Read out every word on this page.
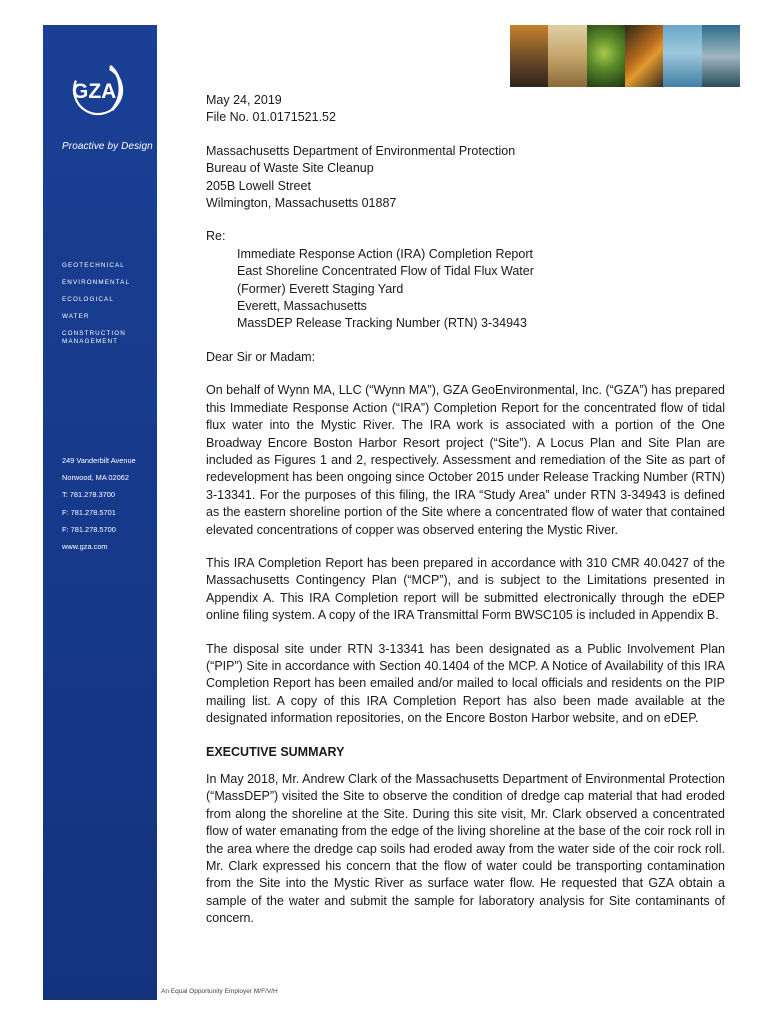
GZA
Proactive by Design
GEOTECHNICAL
ENVIRONMENTAL
ECOLOGICAL
WATER
CONSTRUCTION MANAGEMENT
249 Vanderbilt Avenue
Norwood, MA 02062
T: 781.278.3700
F: 781.278.5701
F: 781.278.5700
www.gza.com
May 24, 2019
File No. 01.0171521.52
Massachusetts Department of Environmental Protection
Bureau of Waste Site Cleanup
205B Lowell Street
Wilmington, Massachusetts 01887
Re:
Immediate Response Action (IRA) Completion Report
East Shoreline Concentrated Flow of Tidal Flux Water
(Former) Everett Staging Yard
Everett, Massachusetts
MassDEP Release Tracking Number (RTN) 3-34943
Dear Sir or Madam:
On behalf of Wynn MA, LLC (“Wynn MA”), GZA GeoEnvironmental, Inc. (“GZA”) has prepared this Immediate Response Action (“IRA”) Completion Report for the concentrated flow of tidal flux water into the Mystic River. The IRA work is associated with a portion of the One Broadway Encore Boston Harbor Resort project (“Site”). A Locus Plan and Site Plan are included as Figures 1 and 2, respectively. Assessment and remediation of the Site as part of redevelopment has been ongoing since October 2015 under Release Tracking Number (RTN) 3-13341. For the purposes of this filing, the IRA “Study Area” under RTN 3-34943 is defined as the eastern shoreline portion of the Site where a concentrated flow of water that contained elevated concentrations of copper was observed entering the Mystic River.
This IRA Completion Report has been prepared in accordance with 310 CMR 40.0427 of the Massachusetts Contingency Plan (“MCP”), and is subject to the Limitations presented in Appendix A. This IRA Completion report will be submitted electronically through the eDEP online filing system. A copy of the IRA Transmittal Form BWSC105 is included in Appendix B.
The disposal site under RTN 3-13341 has been designated as a Public Involvement Plan (“PIP”) Site in accordance with Section 40.1404 of the MCP. A Notice of Availability of this IRA Completion Report has been emailed and/or mailed to local officials and residents on the PIP mailing list. A copy of this IRA Completion Report has also been made available at the designated information repositories, on the Encore Boston Harbor website, and on eDEP.
EXECUTIVE SUMMARY
In May 2018, Mr. Andrew Clark of the Massachusetts Department of Environmental Protection (“MassDEP”) visited the Site to observe the condition of dredge cap material that had eroded from along the shoreline at the Site. During this site visit, Mr. Clark observed a concentrated flow of water emanating from the edge of the living shoreline at the base of the coir rock roll in the area where the dredge cap soils had eroded away from the water side of the coir rock roll. Mr. Clark expressed his concern that the flow of water could be transporting contamination from the Site into the Mystic River as surface water flow. He requested that GZA obtain a sample of the water and submit the sample for laboratory analysis for Site contaminants of concern.
An Equal Opportunity Employer M/F/V/H
